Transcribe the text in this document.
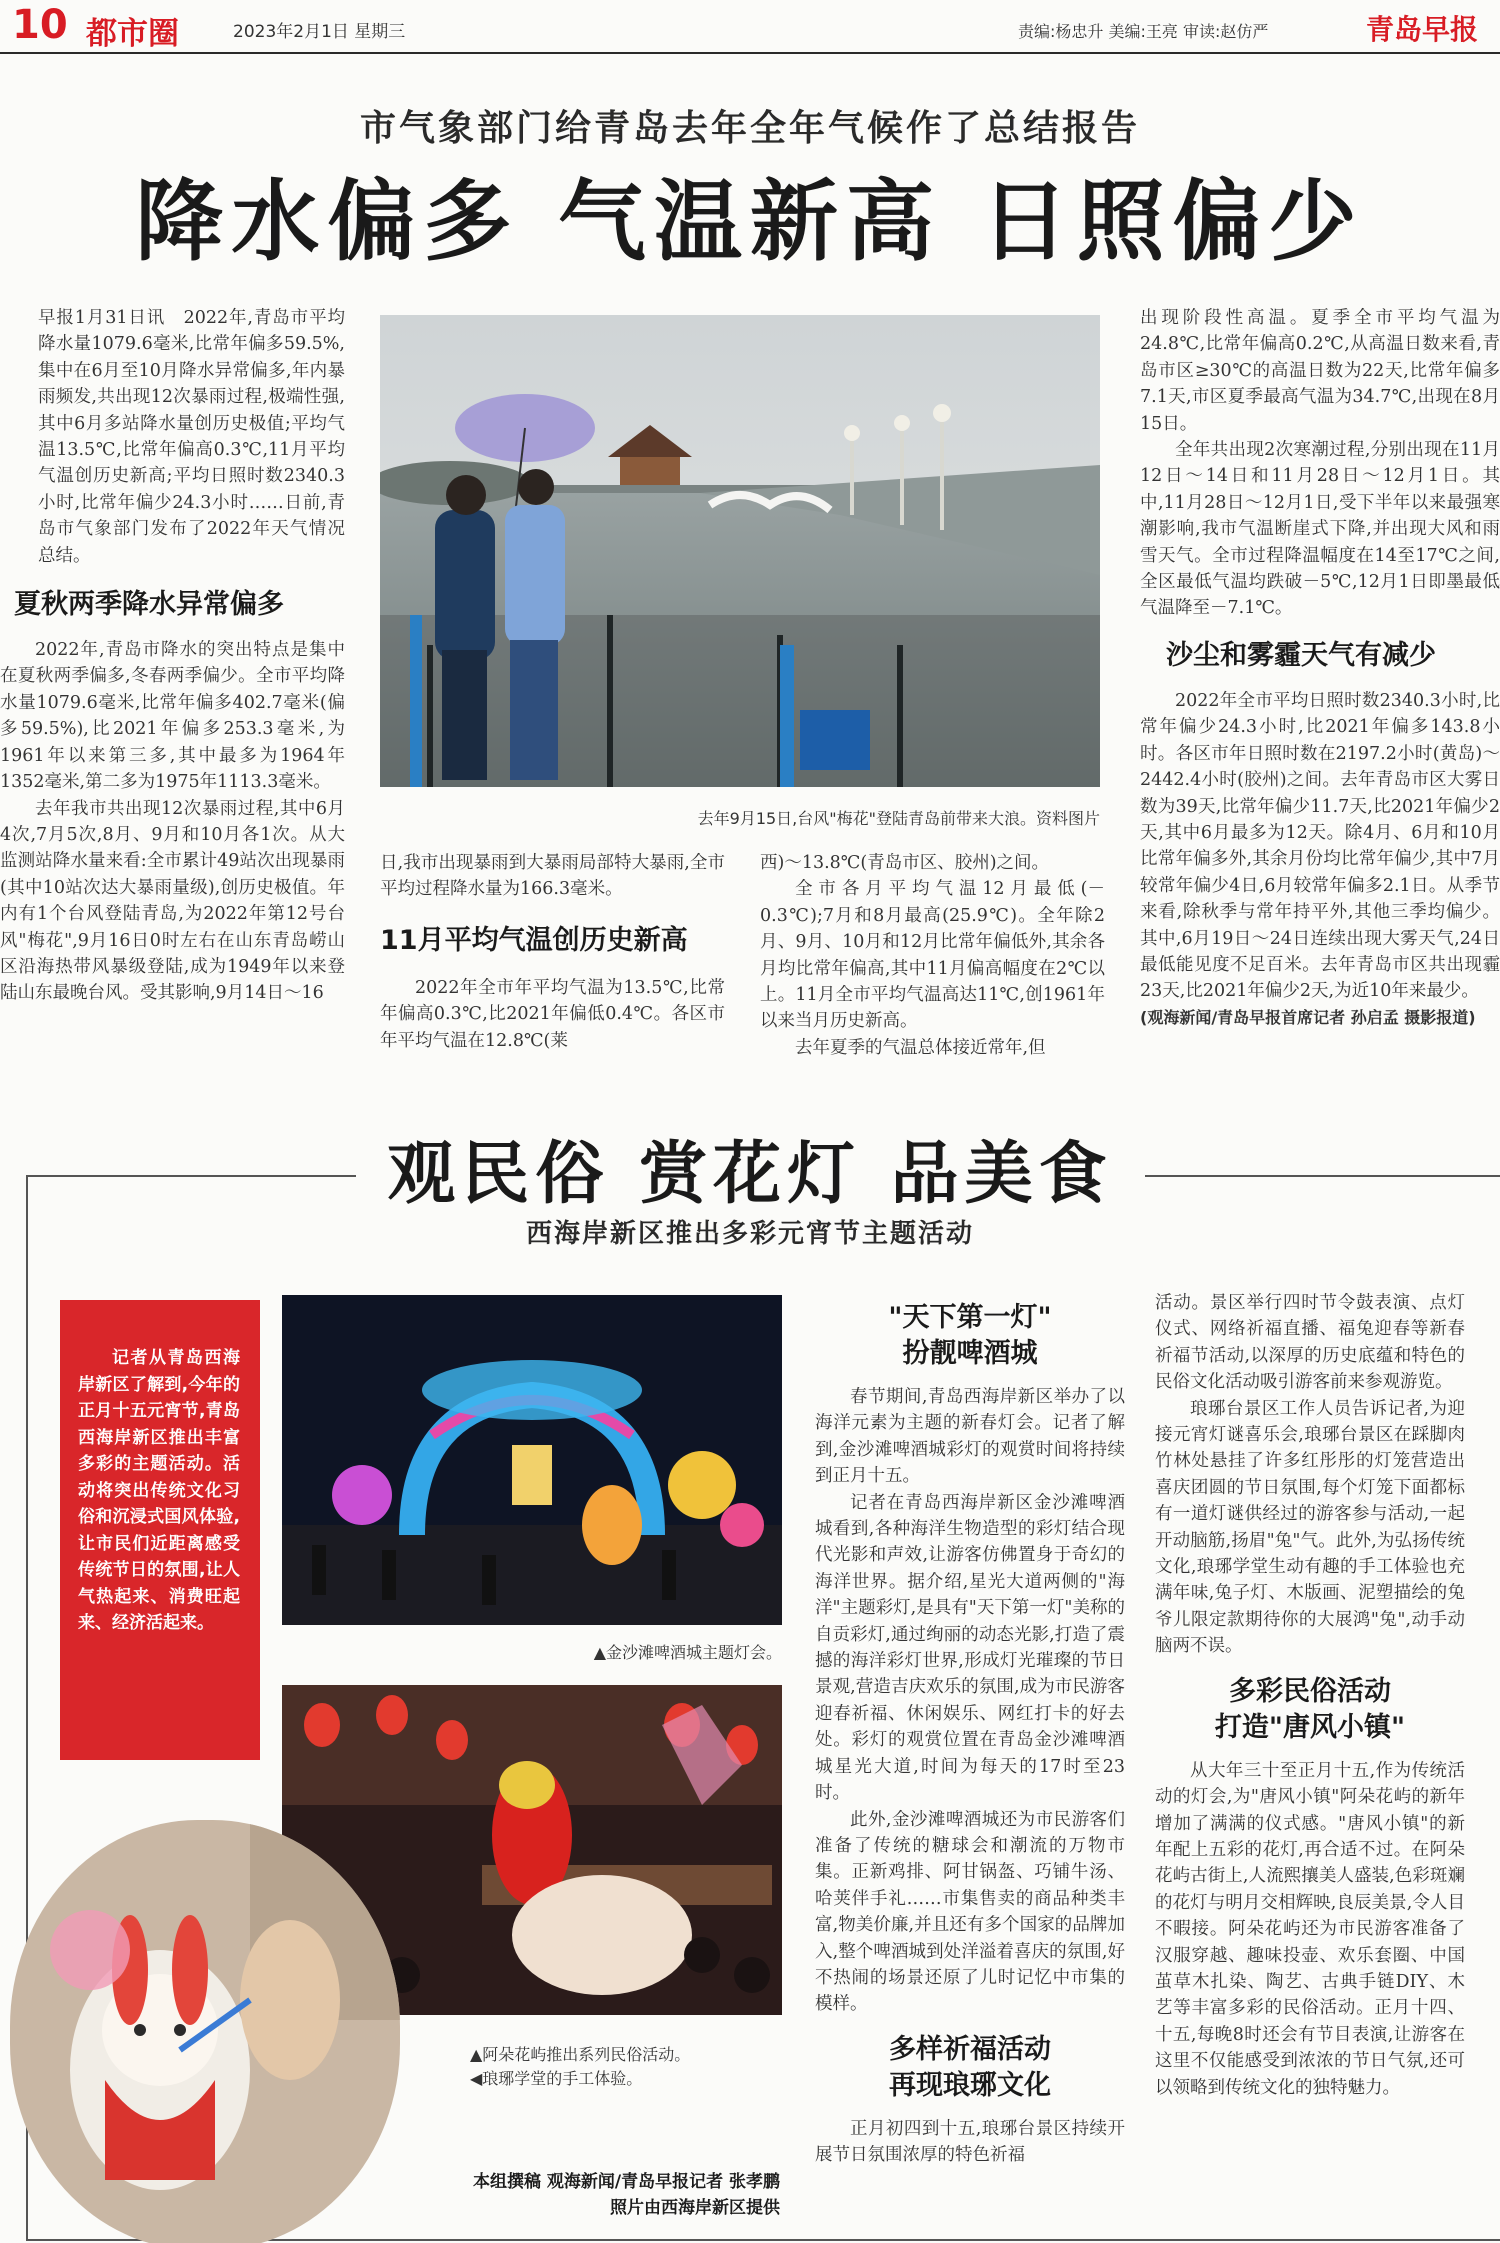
10 都市圈	2023年2月1日 星期三	责编:杨忠升 美编:王亮 审读:赵仿严	青岛早报
市气象部门给青岛去年全年气候作了总结报告
降水偏多 气温新高 日照偏少

早报1月31日讯　2022年,青岛市平均降水量1079.6毫米,比常年偏多59.5%,集中在6月至10月降水异常偏多,年内暴雨频发,共出现12次暴雨过程,极端性强,其中6月多站降水量创历史极值;平均气温13.5℃,比常年偏高0.3℃,11月平均气温创历史新高;平均日照时数2340.3小时,比常年偏少24.3小时……日前,青岛市气象部门发布了2022年天气情况总结。

夏秋两季降水异常偏多

2022年,青岛市降水的突出特点是集中在夏秋两季偏多,冬春两季偏少。全市平均降水量1079.6毫米,比常年偏多402.7毫米(偏多59.5%),比2021年偏多253.3毫米,为1961年以来第三多,其中最多为1964年1352毫米,第二多为1975年1113.3毫米。

去年我市共出现12次暴雨过程,其中6月4次,7月5次,8月、9月和10月各1次。从大监测站降水量来看:全市累计49站次出现暴雨(其中10站次达大暴雨量级),创历史极值。年内有1个台风登陆青岛,为2022年第12号台风"梅花",9月16日0时左右在山东青岛崂山区沿海热带风暴级登陆,成为1949年以来登陆山东最晚台风。受其影响,9月14日～16

去年9月15日,台风"梅花"登陆青岛前带来大浪。资料图片

日,我市出现暴雨到大暴雨局部特大暴雨,全市平均过程降水量为166.3毫米。

11月平均气温创历史新高

2022年全市年平均气温为13.5℃,比常年偏高0.3℃,比2021年偏低0.4℃。各区市年平均气温在12.8℃(莱

西)～13.8℃(青岛市区、胶州)之间。

全市各月平均气温12月最低(－0.3℃);7月和8月最高(25.9℃)。全年除2月、9月、10月和12月比常年偏低外,其余各月均比常年偏高,其中11月偏高幅度在2℃以上。11月全市平均气温高达11℃,创1961年以来当月历史新高。

去年夏季的气温总体接近常年,但

出现阶段性高温。夏季全市平均气温为24.8℃,比常年偏高0.2℃,从高温日数来看,青岛市区≥30℃的高温日数为22天,比常年偏多7.1天,市区夏季最高气温为34.7℃,出现在8月15日。

全年共出现2次寒潮过程,分别出现在11月12日～14日和11月28日～12月1日。其中,11月28日～12月1日,受下半年以来最强寒潮影响,我市气温断崖式下降,并出现大风和雨雪天气。全市过程降温幅度在14至17℃之间,全区最低气温均跌破－5℃,12月1日即墨最低气温降至－7.1℃。

沙尘和雾霾天气有减少

2022年全市平均日照时数2340.3小时,比常年偏少24.3小时,比2021年偏多143.8小时。各区市年日照时数在2197.2小时(黄岛)～2442.4小时(胶州)之间。去年青岛市区大雾日数为39天,比常年偏少11.7天,比2021年偏少2天,其中6月最多为12天。除4月、6月和10月比常年偏多外,其余月份均比常年偏少,其中7月较常年偏少4日,6月较常年偏多2.1日。从季节来看,除秋季与常年持平外,其他三季均偏少。其中,6月19日～24日连续出现大雾天气,24日最低能见度不足百米。去年青岛市区共出现霾23天,比2021年偏少2天,为近10年来最少。

(观海新闻/青岛早报首席记者 孙启孟 摄影报道)

观民俗 赏花灯 品美食
西海岸新区推出多彩元宵节主题活动
记者从青岛西海岸新区了解到,今年的正月十五元宵节,青岛西海岸新区推出丰富多彩的主题活动。活动将突出传统文化习俗和沉浸式国风体验,让市民们近距离感受传统节日的氛围,让人气热起来、消费旺起来、经济活起来。
▲金沙滩啤酒城主题灯会。
▲阿朵花屿推出系列民俗活动。
◀琅琊学堂的手工体验。
本组撰稿 观海新闻/青岛早报记者 张孝鹏
照片由西海岸新区提供
"天下第一灯"
扮靓啤酒城

春节期间,青岛西海岸新区举办了以海洋元素为主题的新春灯会。记者了解到,金沙滩啤酒城彩灯的观赏时间将持续到正月十五。

记者在青岛西海岸新区金沙滩啤酒城看到,各种海洋生物造型的彩灯结合现代光影和声效,让游客仿佛置身于奇幻的海洋世界。据介绍,星光大道两侧的"海洋"主题彩灯,是具有"天下第一灯"美称的自贡彩灯,通过绚丽的动态光影,打造了震撼的海洋彩灯世界,形成灯光璀璨的节日景观,营造吉庆欢乐的氛围,成为市民游客迎春祈福、休闲娱乐、网红打卡的好去处。彩灯的观赏位置在青岛金沙滩啤酒城星光大道,时间为每天的17时至23时。

此外,金沙滩啤酒城还为市民游客们准备了传统的糖球会和潮流的万物市集。正新鸡排、阿甘锅盔、巧铺牛汤、哈荚伴手礼……市集售卖的商品种类丰富,物美价廉,并且还有多个国家的品牌加入,整个啤酒城到处洋溢着喜庆的氛围,好不热闹的场景还原了儿时记忆中市集的模样。

多样祈福活动
再现琅琊文化

正月初四到十五,琅琊台景区持续开展节日氛围浓厚的特色祈福

活动。景区举行四时节令鼓表演、点灯仪式、网络祈福直播、福兔迎春等新春祈福节活动,以深厚的历史底蕴和特色的民俗文化活动吸引游客前来参观游览。

琅琊台景区工作人员告诉记者,为迎接元宵灯谜喜乐会,琅琊台景区在踩脚肉竹林处悬挂了许多红彤彤的灯笼营造出喜庆团圆的节日氛围,每个灯笼下面都标有一道灯谜供经过的游客参与活动,一起开动脑筋,扬眉"兔"气。此外,为弘扬传统文化,琅琊学堂生动有趣的手工体验也充满年味,兔子灯、木版画、泥塑描绘的兔爷儿限定款期待你的大展鸿"兔",动手动脑两不误。

多彩民俗活动
打造"唐风小镇"

从大年三十至正月十五,作为传统活动的灯会,为"唐风小镇"阿朵花屿的新年增加了满满的仪式感。"唐风小镇"的新年配上五彩的花灯,再合适不过。在阿朵花屿古街上,人流熙攘美人盛装,色彩斑斓的花灯与明月交相辉映,良辰美景,令人目不暇接。阿朵花屿还为市民游客准备了汉服穿越、趣味投壶、欢乐套圈、中国茧草木扎染、陶艺、古典手链DIY、木艺等丰富多彩的民俗活动。正月十四、十五,每晚8时还会有节目表演,让游客在这里不仅能感受到浓浓的节日气氛,还可以领略到传统文化的独特魅力。
